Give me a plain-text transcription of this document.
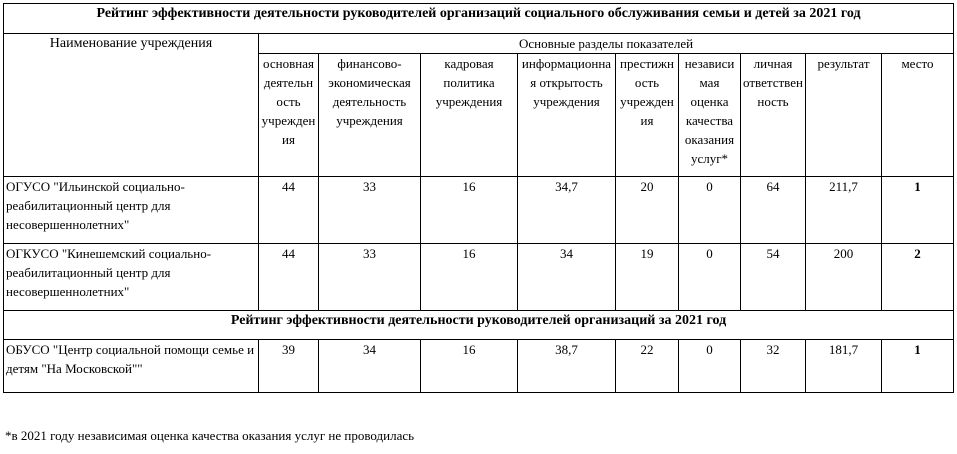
Рейтинг эффективности деятельности руководителей организаций социального обслуживания семьи и детей за 2021 год									
Наименование учреждения	Основные разделы показателей								
	основная деятельность учреждения	финансово-экономическая деятельность учреждения	кадровая политика учреждения	информационная открытость учреждения	престижность учреждения	независимая оценка качества оказания услуг*	личная ответственность	результат	место
ОГУСО "Ильинской социально-реабилитационный центр для несовершеннолетних"	44	33	16	34,7	20	0	64	211,7	1
ОГКУСО "Кинешемский социально-реабилитационный центр для несовершеннолетних"	44	33	16	34	19	0	54	200	2
Рейтинг эффективности деятельности руководителей организаций за 2021 год									
ОБУСО "Центр социальной помощи семье и детям "На Московской""	39	34	16	38,7	22	0	32	181,7	1
*в 2021 году независимая оценка качества оказания услуг не проводилась
